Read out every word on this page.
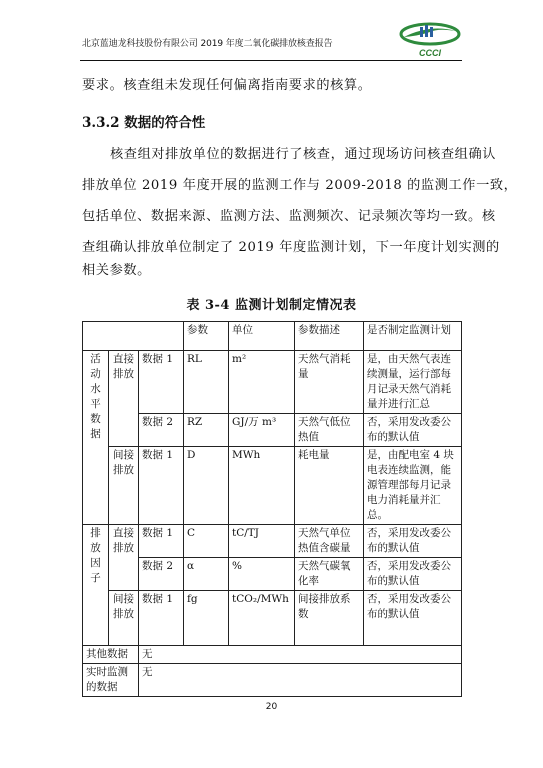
北京蓝迪龙科技股份有限公司 2019 年度二氧化碳排放核查报告
CCCI
要求。核查组未发现任何偏离指南要求的核算。
3.3.2 数据的符合性
核查组对排放单位的数据进行了核查，通过现场访问核查组确认
排放单位 2019 年度开展的监测工作与 2009-2018 的监测工作一致，
包括单位、数据来源、监测方法、监测频次、记录频次等均一致。核
查组确认排放单位制定了 2019 年度监测计划，下一年度计划实测的
相关参数。
表 3-4 监测计划制定情况表
			参数	单位	参数描述	是否制定监测计划
活动水平数据	直接排放	数据 1	RL	m²	天然气消耗量	是，由天然气表连续测量，运行部每月记录天然气消耗量并进行汇总
		数据 2	RZ	GJ/万 m³	天然气低位热值	否，采用发改委公布的默认值
	间接排放	数据 1	D	MWh	耗电量	是，由配电室 4 块电表连续监测，能源管理部每月记录电力消耗量并汇总。
排放因子	直接排放	数据 1	C	tC/TJ	天然气单位热值含碳量	否，采用发改委公布的默认值
		数据 2	α	%	天然气碳氧化率	否，采用发改委公布的默认值
	间接排放	数据 1	fg	tCO₂/MWh	间接排放系数	否，采用发改委公布的默认值
其他数据		无				
实时监测的数据		无				
20
